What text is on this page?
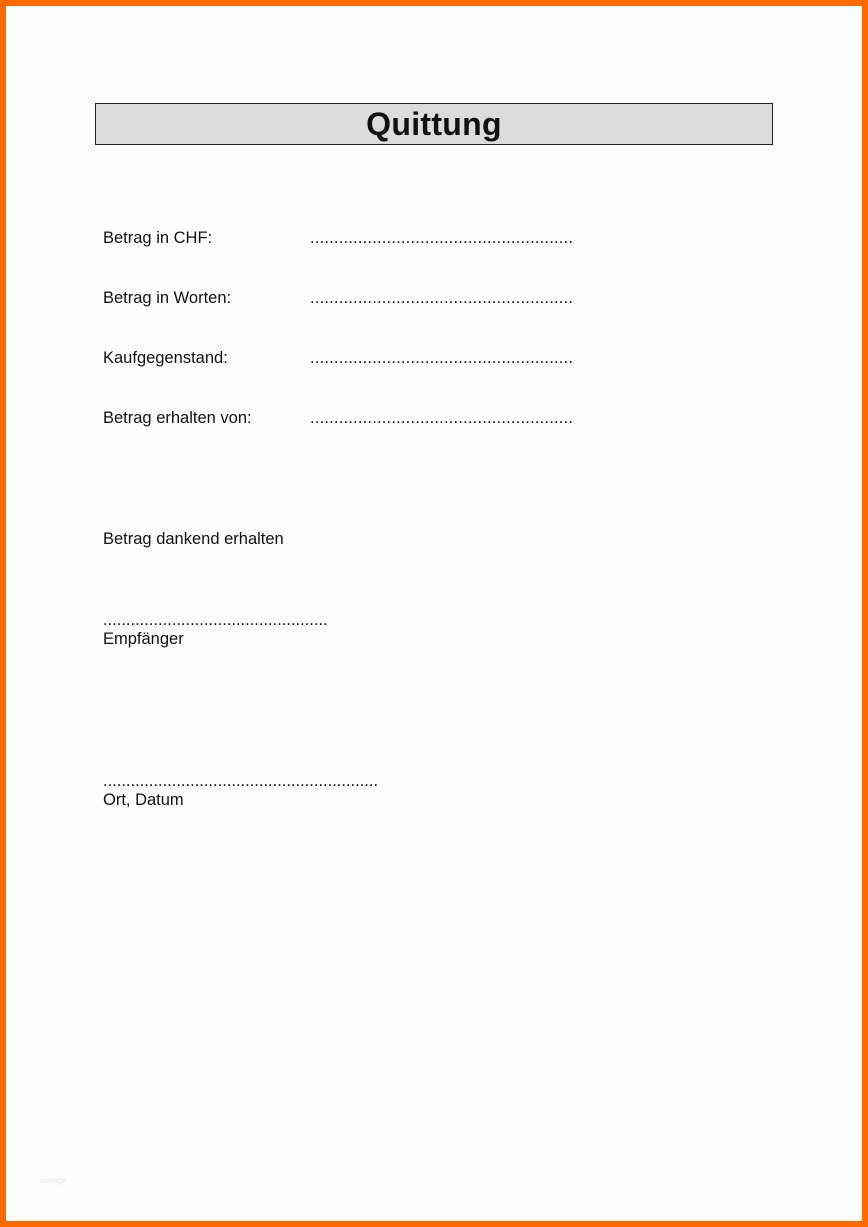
Quittung
Betrag in CHF:	.......................................................
Betrag in Worten:	.......................................................
Kaufgegenstand:	.......................................................
Betrag erhalten von:	.......................................................
Betrag dankend erhalten
.................................................
Empfänger
............................................................
Ort, Datum
vorlage
